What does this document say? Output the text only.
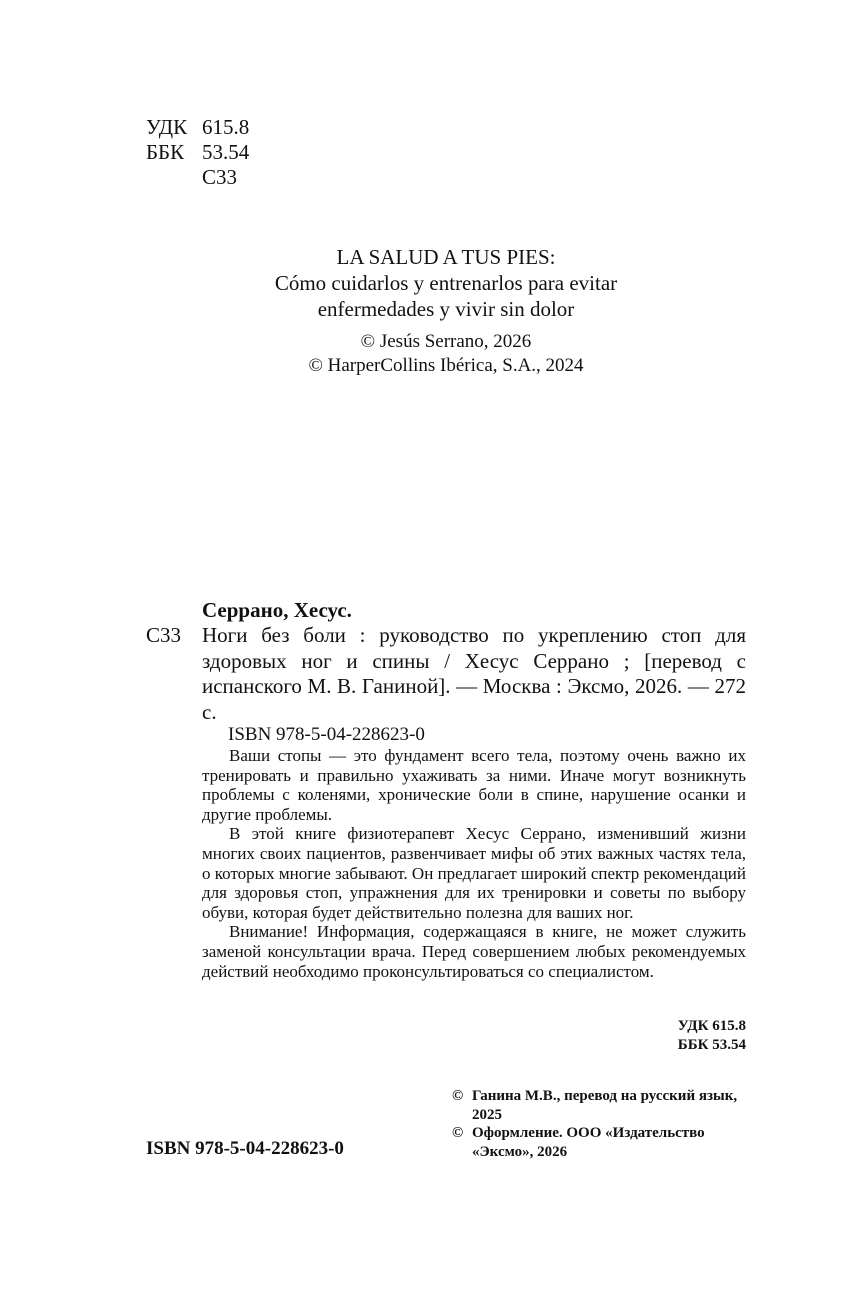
УДК 615.8
ББК 53.54
С33
LA SALUD A TUS PIES:
Cómo cuidarlos y entrenarlos para evitar
enfermedades y vivir sin dolor
© Jesús Serrano, 2026
© HarperCollins Ibérica, S.A., 2024
Серрано, Хесус.
С33 Ноги без боли : руководство по укреплению стоп для здоровых ног и спины / Хесус Серрано ; [перевод с испанского М. В. Ганиной]. — Москва : Эксмо, 2026. — 272 с.
ISBN 978-5-04-228623-0

Ваши стопы — это фундамент всего тела, поэтому очень важно их тренировать и правильно ухаживать за ними. Иначе могут возникнуть проблемы с коленями, хронические боли в спине, нарушение осанки и другие проблемы.

В этой книге физиотерапевт Хесус Серрано, изменивший жизни многих своих пациентов, развенчивает мифы об этих важных частях тела, о которых многие забывают. Он предлагает широкий спектр рекомендаций для здоровья стоп, упражнения для их тренировки и советы по выбору обуви, которая будет действительно полезна для ваших ног.

Внимание! Информация, содержащаяся в книге, не может служить заменой консультации врача. Перед совершением любых рекомендуемых действий необходимо проконсультироваться со специалистом.

УДК 615.8
ББК 53.54
© Ганина М.В., перевод на русский язык, 2025
© Оформление. ООО «Издательство «Эксмо», 2026
ISBN 978-5-04-228623-0
